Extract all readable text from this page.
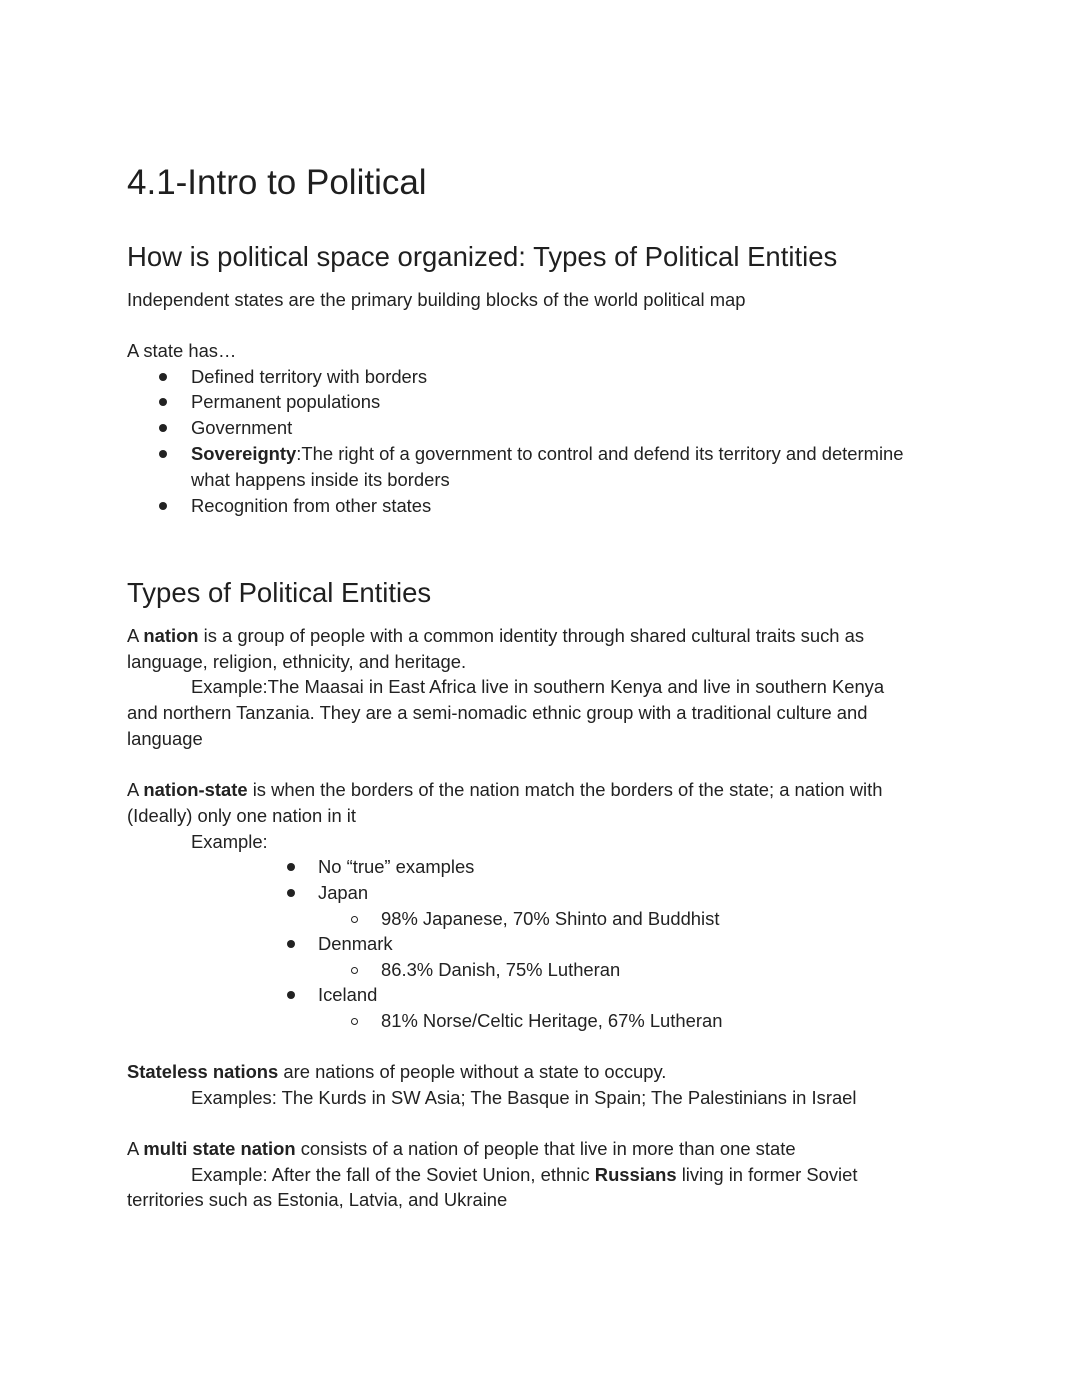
4.1-Intro to Political
How is political space organized: Types of Political Entities
Independent states are the primary building blocks of the world political map
A state has…
Defined territory with borders
Permanent populations
Government
Sovereignty:The right of a government to control and defend its territory and determine
what happens inside its borders
Recognition from other states
Types of Political Entities
A nation is a group of people with a common identity through shared cultural traits such as
language, religion, ethnicity, and heritage.
Example:The Maasai in East Africa live in southern Kenya and live in southern Kenya
and northern Tanzania. They are a semi-nomadic ethnic group with a traditional culture and
language
A nation-state is when the borders of the nation match the borders of the state; a nation with
(Ideally) only one nation in it
Example:
No “true” examples
Japan
98% Japanese, 70% Shinto and Buddhist
Denmark
86.3% Danish, 75% Lutheran
Iceland
81% Norse/Celtic Heritage, 67% Lutheran
Stateless nations are nations of people without a state to occupy.
Examples: The Kurds in SW Asia; The Basque in Spain; The Palestinians in Israel
A multi state nation consists of a nation of people that live in more than one state
Example: After the fall of the Soviet Union, ethnic Russians living in former Soviet
territories such as Estonia, Latvia, and Ukraine
